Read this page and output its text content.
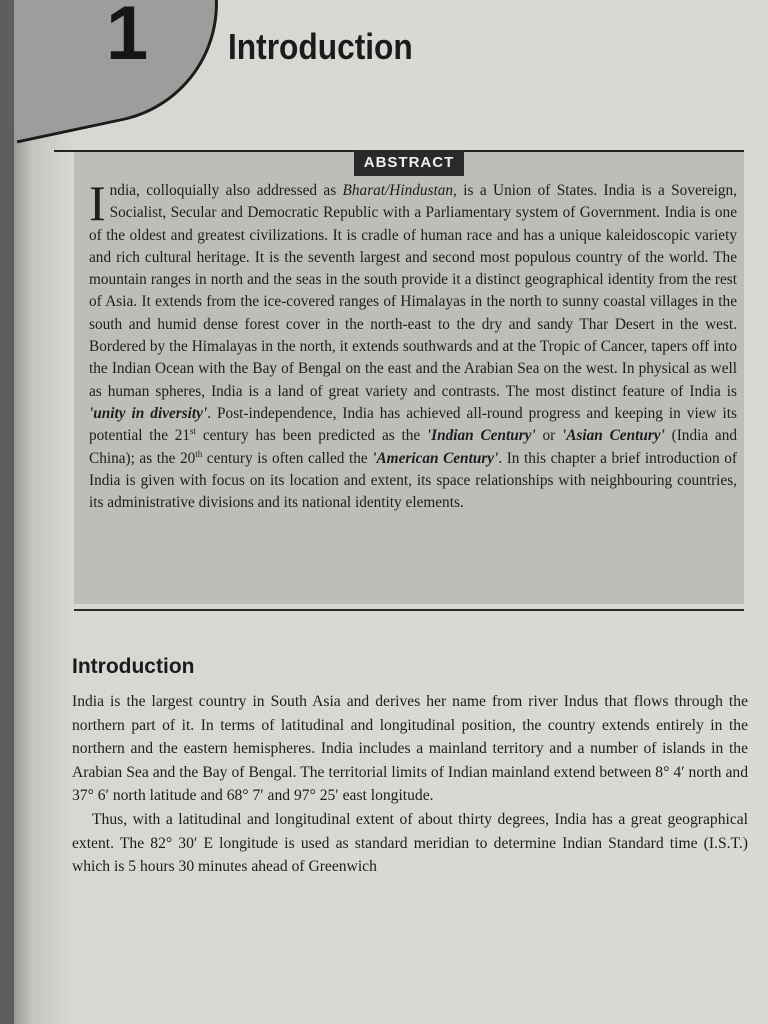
1 Introduction
ABSTRACT

India, colloquially also addressed as Bharat/Hindustan, is a Union of States. India is a Sovereign, Socialist, Secular and Democratic Republic with a Parliamentary system of Government. India is one of the oldest and greatest civilizations. It is cradle of human race and has a unique kaleidoscopic variety and rich cultural heritage. It is the seventh largest and second most populous country of the world. The mountain ranges in north and the seas in the south provide it a distinct geographical identity from the rest of Asia. It extends from the ice-covered ranges of Himalayas in the north to sunny coastal villages in the south and humid dense forest cover in the north-east to the dry and sandy Thar Desert in the west. Bordered by the Himalayas in the north, it extends southwards and at the Tropic of Cancer, tapers off into the Indian Ocean with the Bay of Bengal on the east and the Arabian Sea on the west. In physical as well as human spheres, India is a land of great variety and contrasts. The most distinct feature of India is 'unity in diversity'. Post-independence, India has achieved all-round progress and keeping in view its potential the 21st century has been predicted as the 'Indian Century' or 'Asian Century' (India and China); as the 20th century is often called the 'American Century'. In this chapter a brief introduction of India is given with focus on its location and extent, its space relationships with neighbouring countries, its administrative divisions and its national identity elements.

Introduction

India is the largest country in South Asia and derives her name from river Indus that flows through the northern part of it. In terms of latitudinal and longitudinal position, the country extends entirely in the northern and the eastern hemispheres. India includes a mainland territory and a number of islands in the Arabian Sea and the Bay of Bengal. The territorial limits of Indian mainland extend between 8° 4′ north and 37° 6′ north latitude and 68° 7′ and 97° 25′ east longitude.

Thus, with a latitudinal and longitudinal extent of about thirty degrees, India has a great geographical extent. The 82° 30′ E longitude is used as standard meridian to determine Indian Standard time (I.S.T.) which is 5 hours 30 minutes ahead of Greenwich
